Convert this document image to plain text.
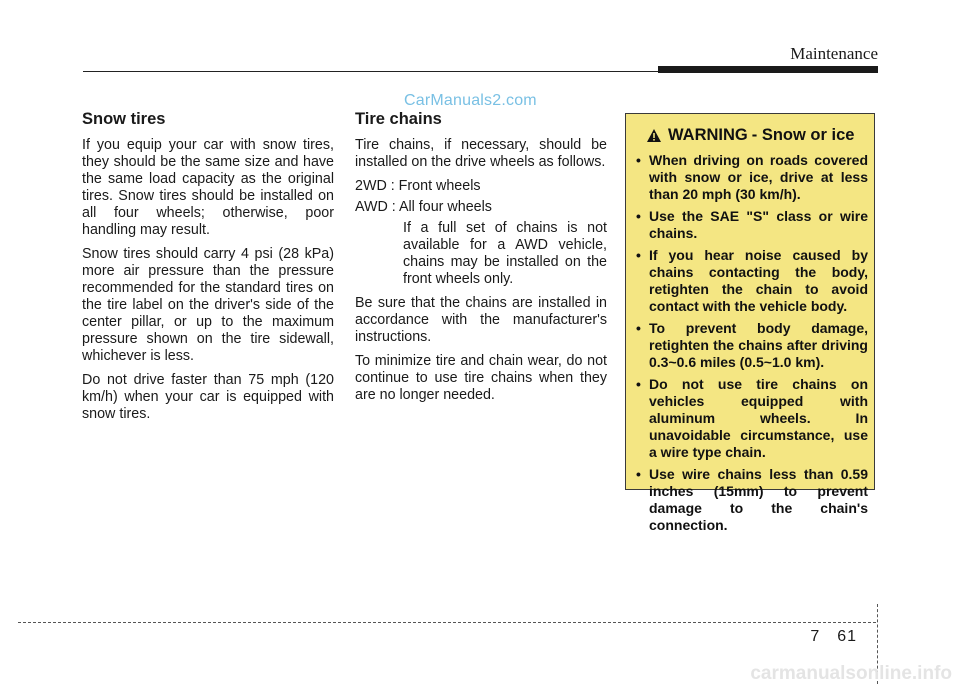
Maintenance
CarManuals2.com
Snow tires

If you equip your car with snow tires, they should be the same size and have the same load capacity as the original tires. Snow tires should be installed on all four wheels; otherwise, poor handling may result.

Snow tires should carry 4 psi (28 kPa) more air pressure than the pressure recommended for the standard tires on the tire label on the driver's side of the center pillar, or up to the maximum pressure shown on the tire sidewall, whichever is less.

Do not drive faster than 75 mph (120 km/h) when your car is equipped with snow tires.

Tire chains

Tire chains, if necessary, should be installed on the drive wheels as follows.

2WD : Front wheels

AWD : All four wheels

If a full set of chains is not available for a AWD vehicle, chains may be installed on the front wheels only.

Be sure that the chains are installed in accordance with the manufacturer's instructions.

To minimize tire and chain wear, do not continue to use tire chains when they are no longer needed.

WARNING - Snow or ice
• When driving on roads covered with snow or ice, drive at less than 20 mph (30 km/h).
• Use the SAE "S" class or wire chains.
• If you hear noise caused by chains contacting the body, retighten the chain to avoid contact with the vehicle body.
• To prevent body damage, retighten the chains after driving 0.3~0.6 miles (0.5~1.0 km).
• Do not use tire chains on vehicles equipped with aluminum wheels. In unavoidable circumstance, use a wire type chain.
• Use wire chains less than 0.59 inches (15mm) to prevent damage to the chain's connection.
7 61
carmanualsonline.info
